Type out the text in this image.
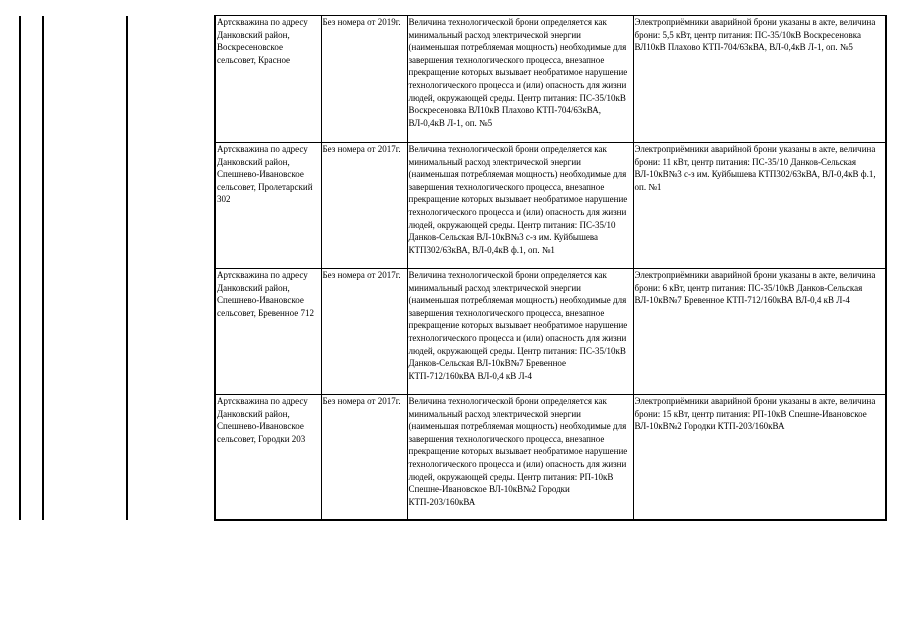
Артскважина по адресу Данковский район, Воскресеновское сельсовет, Красное	Без номера от 2019г.	Величина технологической брони определяется как минимальный расход электрической энергии (наименьшая потребляемая мощность) необходимые для завершения технологического процесса, внезапное прекращение которых вызывает необратимое нарушение технологического процесса и (или) опасность для жизни людей, окружающей среды. Центр питания: ПС-35/10кВ Воскресеновка ВЛ10кВ Плахово КТП-704/63кВА, ВЛ-0,4кВ Л-1, оп. №5	Электроприёмники аварийной брони указаны в акте, величина брони: 5,5 кВт, центр питания: ПС-35/10кВ Воскресеновка ВЛ10кВ Плахово КТП-704/63кВА, ВЛ-0,4кВ Л-1, оп. №5
Артскважина по адресу Данковский район, Спешнево-Ивановское сельсовет, Пролетарский 302	Без номера от 2017г.	Величина технологической брони определяется как минимальный расход электрической энергии (наименьшая потребляемая мощность) необходимые для завершения технологического процесса, внезапное прекращение которых вызывает необратимое нарушение технологического процесса и (или) опасность для жизни людей, окружающей среды. Центр питания: ПС-35/10 Данков-Сельская ВЛ-10кВ№3 с-з им. Куйбышева КТП302/63кВА, ВЛ-0,4кВ ф.1, оп. №1	Электроприёмники аварийной брони указаны в акте, величина брони: 11 кВт, центр питания: ПС-35/10 Данков-Сельская ВЛ-10кВ№3 с-з им. Куйбышева КТП302/63кВА, ВЛ-0,4кВ ф.1, оп. №1
Артскважина по адресу Данковский район, Спешнево-Ивановское сельсовет, Бревенное 712	Без номера от 2017г.	Величина технологической брони определяется как минимальный расход электрической энергии (наименьшая потребляемая мощность) необходимые для завершения технологического процесса, внезапное прекращение которых вызывает необратимое нарушение технологического процесса и (или) опасность для жизни людей, окружающей среды. Центр питания: ПС-35/10кВ Данков-Сельская ВЛ-10кВ№7 Бревенное КТП-712/160кВА ВЛ-0,4 кВ Л-4	Электроприёмники аварийной брони указаны в акте, величина брони: 6 кВт, центр питания: ПС-35/10кВ Данков-Сельская ВЛ-10кВ№7 Бревенное КТП-712/160кВА ВЛ-0,4 кВ Л-4
Артскважина по адресу Данковский район, Спешнево-Ивановское сельсовет, Городки 203	Без номера от 2017г.	Величина технологической брони определяется как минимальный расход электрической энергии (наименьшая потребляемая мощность) необходимые для завершения технологического процесса, внезапное прекращение которых вызывает необратимое нарушение технологического процесса и (или) опасность для жизни людей, окружающей среды. Центр питания: РП-10кВ Спешне-Ивановское ВЛ-10кВ№2 Городки КТП-203/160кВА	Электроприёмники аварийной брони указаны в акте, величина брони: 15 кВт, центр питания: РП-10кВ Спешне-Ивановское ВЛ-10кВ№2 Городки КТП-203/160кВА
